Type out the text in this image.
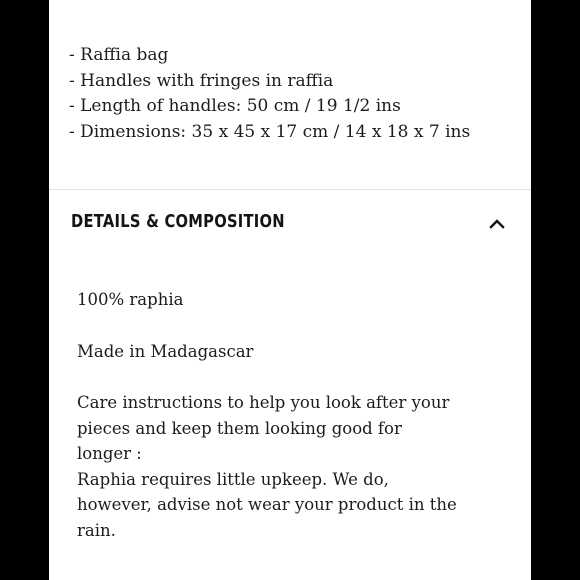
- Raffia bag
- Handles with fringes in raffia
- Length of handles: 50 cm / 19 1/2 ins
- Dimensions: 35 x 45 x 17 cm / 14 x 18 x 7 ins
DETAILS & COMPOSITION

100% raphia

Made in Madagascar

Care instructions to help you look after your
pieces and keep them looking good for
longer :
Raphia requires little upkeep. We do,
however, advise not wear your product in the
rain.
